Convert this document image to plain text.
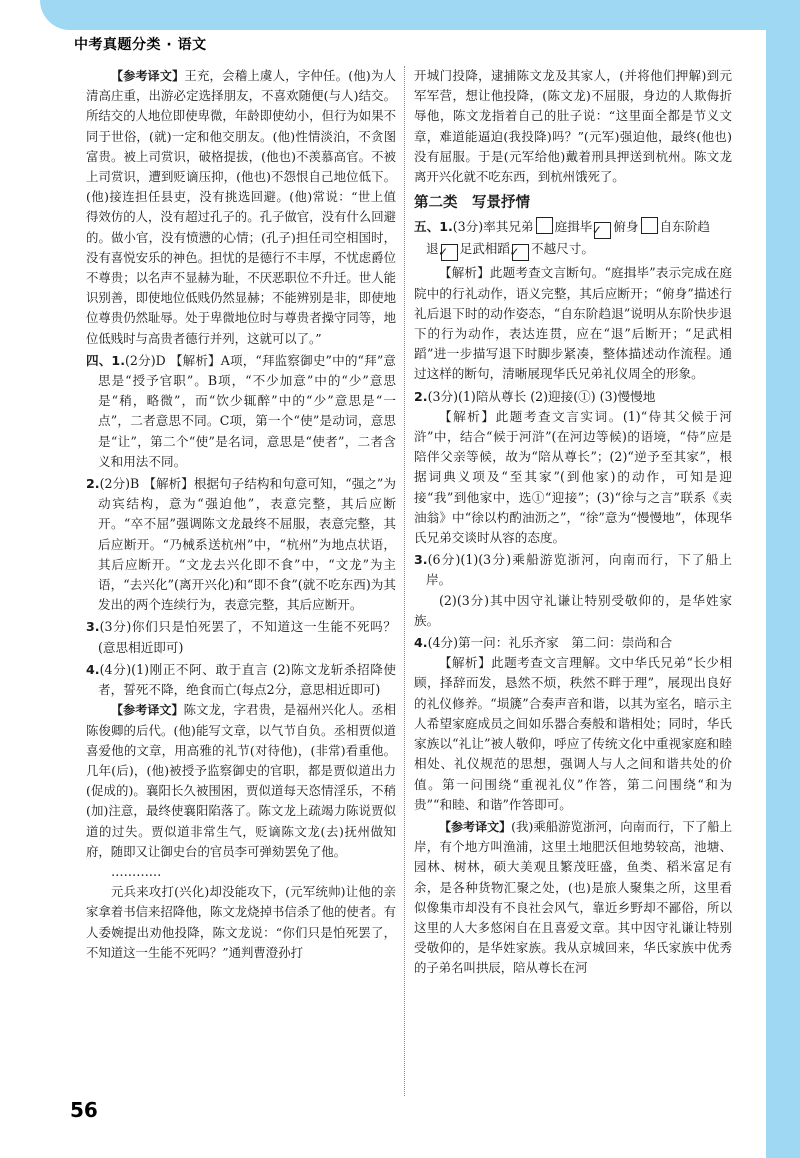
中考真题分类 · 语文

【参考译文】王充，会稽上虞人，字仲任。(他)为人清高庄重，出游必定选择朋友，不喜欢随便(与人)结交。所结交的人地位即使卑微，年龄即使幼小，但行为如果不同于世俗，(就)一定和他交朋友。(他)性情淡泊，不贪图富贵。被上司赏识，破格提拔，(他也)不羡慕高官。不被上司赏识，遭到贬谪压抑，(他也)不怨恨自己地位低下。(他)接连担任县吏，没有挑选回避。(他)常说：“世上值得效仿的人，没有超过孔子的。孔子做官，没有什么回避的。做小官，没有愤懑的心情；(孔子)担任司空相国时，没有喜悦安乐的神色。担忧的是德行不丰厚，不忧虑爵位不尊贵；以名声不显赫为耻，不厌恶职位不升迁。世人能识别善，即使地位低贱仍然显赫；不能辨别是非，即使地位尊贵仍然耻辱。处于卑微地位时与尊贵者操守同等，地位低贱时与高贵者德行并列，这就可以了。”

四、1.(2分)D 【解析】A项，“拜监察御史”中的“拜”意思是“授予官职”。B项，“不少加意”中的“少”意思是“稍，略微”，而“饮少辄醉”中的“少”意思是“一点”，二者意思不同。C项，第一个“使”是动词，意思是“让”，第二个“使”是名词，意思是“使者”，二者含义和用法不同。

2.(2分)B 【解析】根据句子结构和句意可知，“强之”为动宾结构，意为“强迫他”，表意完整，其后应断开。“卒不屈”强调陈文龙最终不屈服，表意完整，其后应断开。“乃械系送杭州”中，“杭州”为地点状语，其后应断开。“文龙去兴化即不食”中，“文龙”为主语，“去兴化”(离开兴化)和“即不食”(就不吃东西)为其发出的两个连续行为，表意完整，其后应断开。

3.(3分)你们只是怕死罢了，不知道这一生能不死吗？(意思相近即可)

4.(4分)(1)刚正不阿、敢于直言 (2)陈文龙斩杀招降使者，誓死不降，绝食而亡(每点2分，意思相近即可)

【参考译文】陈文龙，字君贵，是福州兴化人。丞相陈俊卿的后代。(他)能写文章，以气节自负。丞相贾似道喜爱他的文章，用高雅的礼节(对待他)，(非常)看重他。几年(后)，(他)被授予监察御史的官职，都是贾似道出力(促成的)。襄阳长久被围困，贾似道每天恣情淫乐，不稍(加)注意，最终使襄阳陷落了。陈文龙上疏竭力陈说贾似道的过失。贾似道非常生气，贬谪陈文龙(去)抚州做知府，随即又让御史台的官员李可弹劾罢免了他。

…………

元兵来攻打(兴化)却没能攻下，(元军统帅)让他的亲家拿着书信来招降他，陈文龙烧掉书信杀了他的使者。有人委婉提出劝他投降，陈文龙说：“你们只是怕死罢了，不知道这一生能不死吗？”通判曹澄孙打

开城门投降，逮捕陈文龙及其家人，(并将他们押解)到元军军营，想让他投降，(陈文龙)不屈服，身边的人欺侮折辱他，陈文龙指着自己的肚子说：“这里面全都是节义文章，难道能逼迫(我投降)吗？”(元军)强迫他，最终(他也)没有屈服。于是(元军给他)戴着刑具押送到杭州。陈文龙离开兴化就不吃东西，到杭州饿死了。

第二类　写景抒情

五、1.(3分)率其兄弟 庭揖毕✓ 俯身 自东阶趋
退✓ 足武相蹈✓ 不越尺寸。

【解析】此题考查文言断句。“庭揖毕”表示完成在庭院中的行礼动作，语义完整，其后应断开；“俯身”描述行礼后退下时的动作姿态，“自东阶趋退”说明从东阶快步退下的行为动作，表达连贯，应在“退”后断开；“足武相蹈”进一步描写退下时脚步紧凑，整体描述动作流程。通过这样的断句，清晰展现华氏兄弟礼仪周全的形象。

2.(3分)(1)陪从尊长 (2)迎接(①) (3)慢慢地

【解析】此题考查文言实词。(1)“侍其父候于河浒”中，结合“候于河浒”(在河边等候)的语境，“侍”应是陪伴父亲等候，故为“陪从尊长”；(2)“逆予至其家”，根据词典义项及“至其家”(到他家)的动作，可知是迎接“我”到他家中，选①“迎接”；(3)“徐与之言”联系《卖油翁》中“徐以杓酌油沥之”，“徐”意为“慢慢地”，体现华氏兄弟交谈时从容的态度。

3.(6分)(1)(3分)乘船游览浙河，向南而行，下了船上岸。

(2)(3分)其中因守礼谦让特别受敬仰的，是华姓家族。

4.(4分)第一问：礼乐齐家　第二问：崇尚和合

【解析】此题考查文言理解。文中华氏兄弟“长少相顾，择辞而发，恳然不烦，秩然不畔于理”，展现出良好的礼仪修养。“埙篪”合奏声音和谐，以其为室名，暗示主人希望家庭成员之间如乐器合奏般和谐相处；同时，华氏家族以“礼让”被人敬仰，呼应了传统文化中重视家庭和睦相处、礼仪规范的思想，强调人与人之间和谐共处的价值。第一问围绕“重视礼仪”作答，第二问围绕“和为贵”“和睦、和谐”作答即可。

【参考译文】(我)乘船游览浙河，向南而行，下了船上岸，有个地方叫渔浦，这里土地肥沃但地势较高，池塘、园林、树林，硕大美观且繁茂旺盛，鱼类、稻米富足有余，是各种货物汇聚之处，(也)是旅人聚集之所，这里看似像集市却没有不良社会风气，靠近乡野却不鄙俗，所以这里的人大多悠闲自在且喜爱文章。其中因守礼谦让特别受敬仰的，是华姓家族。我从京城回来，华氏家族中优秀的子弟名叫拱辰，陪从尊长在河

56
